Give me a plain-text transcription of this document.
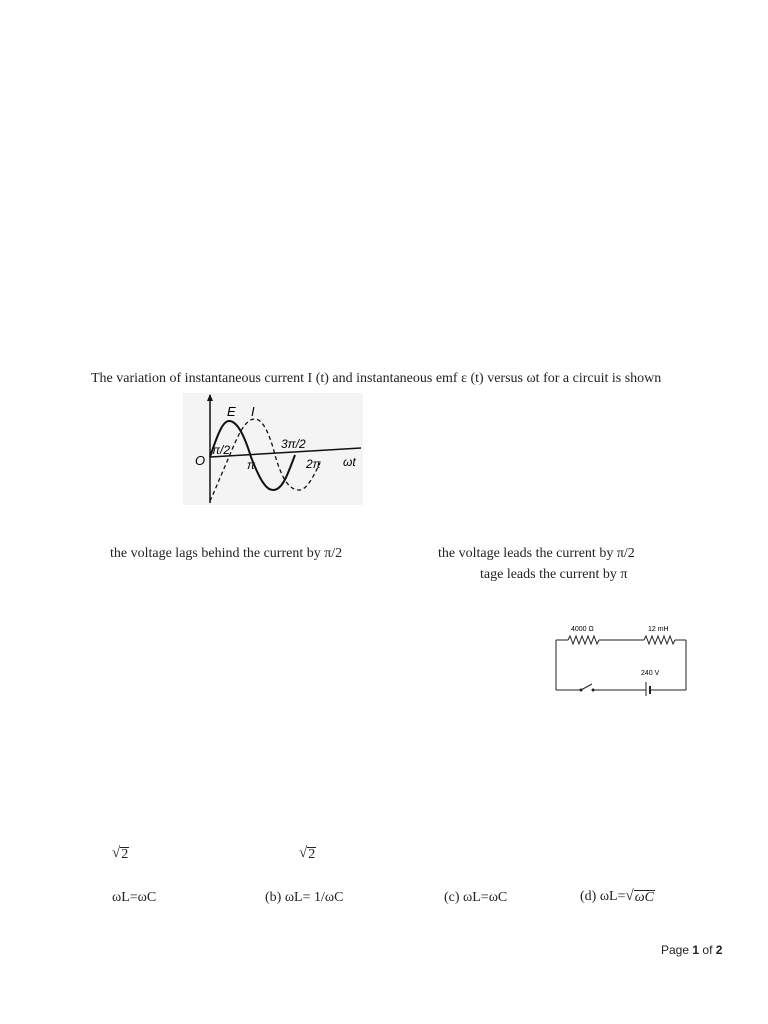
The variation of instantaneous current I (t) and instantaneous emf ε (t) versus ωt for a circuit is shown
E I
O
π/2
π
3π/2
2π ωt
the voltage lags behind the current by π/2	the voltage leads the current by π/2
tage leads the current by π
4000 Ω	12 mH
240 V
√ 2	√ 2
ωL=ωC	(b) ωL= 1/ωC	(c) ωL=ωC	(d) ωL= √ ωC
Page 1 of 2
